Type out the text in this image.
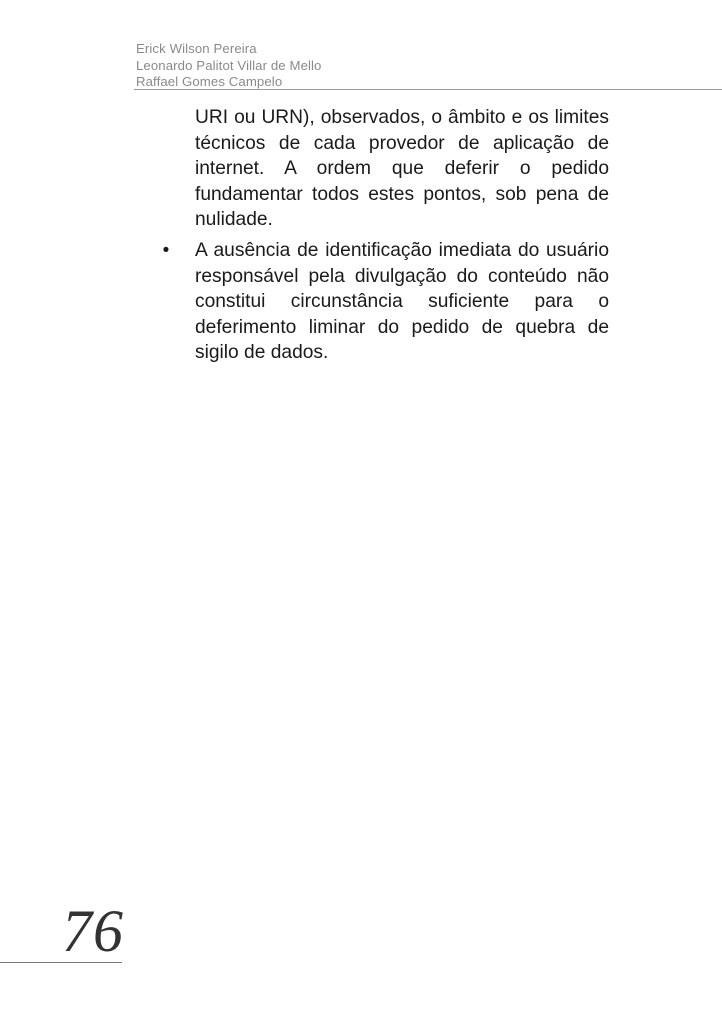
Erick Wilson Pereira
Leonardo Palitot Villar de Mello
Raffael Gomes Campelo

URI ou URN), observados, o âmbito e os limites técnicos de cada provedor de aplicação de internet. A ordem que deferir o pedido fundamentar todos estes pontos, sob pena de nulidade.

• A ausência de identificação imediata do usuário responsável pela divulgação do conteúdo não constitui circunstância suficiente para o deferimento liminar do pedido de quebra de sigilo de dados.

76
